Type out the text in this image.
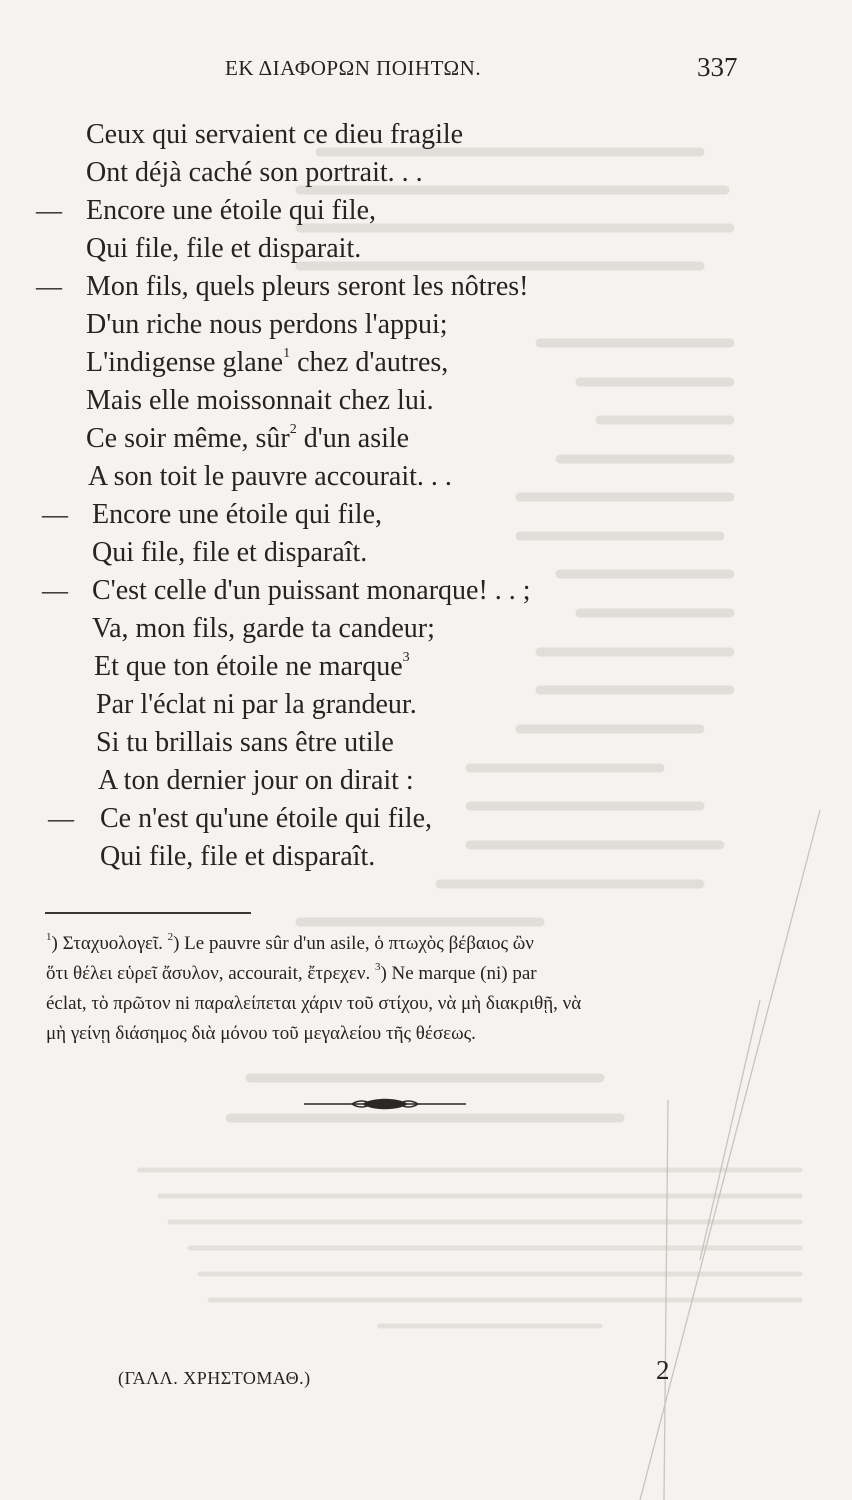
ΕΚ ΔΙΑΦΟΡΩΝ ΠΟΙΗΤΩΝ.	337
Ceux qui servaient ce dieu fragile
Ont déjà caché son portrait. . .
— Encore une étoile qui file,
Qui file, file et disparait.
— Mon fils, quels pleurs seront les nôtres!
D'un riche nous perdons l'appui;
L'indigense glane$^1$ chez d'autres,
Mais elle moissonnait chez lui.
Ce soir même, sûr$^2$ d'un asile
A son toit le pauvre accourait. . .
— Encore une étoile qui file,
Qui file, file et disparaît.
— C'est celle d'un puissant monarque! . . ;
Va, mon fils, garde ta candeur;
Et que ton étoile ne marque$^3$
Par l'éclat ni par la grandeur.
Si tu brillais sans être utile
A ton dernier jour on dirait :
— Ce n'est qu'une étoile qui file,
Qui file, file et disparaît.
$^1$) Σταχυολογεῖ. $^2$) Le pauvre sûr d'un asile, ὁ πτωχὸς βέβαιος ὢν
ὅτι θέλει εὑρεῖ ἄσυλον, accourait, ἔτρεχεν. $^3$) Ne marque (ni) par
éclat, τὸ πρῶτον ni παραλείπεται χάριν τοῦ στίχου, νὰ μὴ διακριθῇ, νὰ
μὴ γείνῃ διάσημος διὰ μόνου τοῦ μεγαλείου τῆς θέσεως.
(ΓΑΛΛ. ΧΡΗΣΤΟΜΑΘ.)	2
